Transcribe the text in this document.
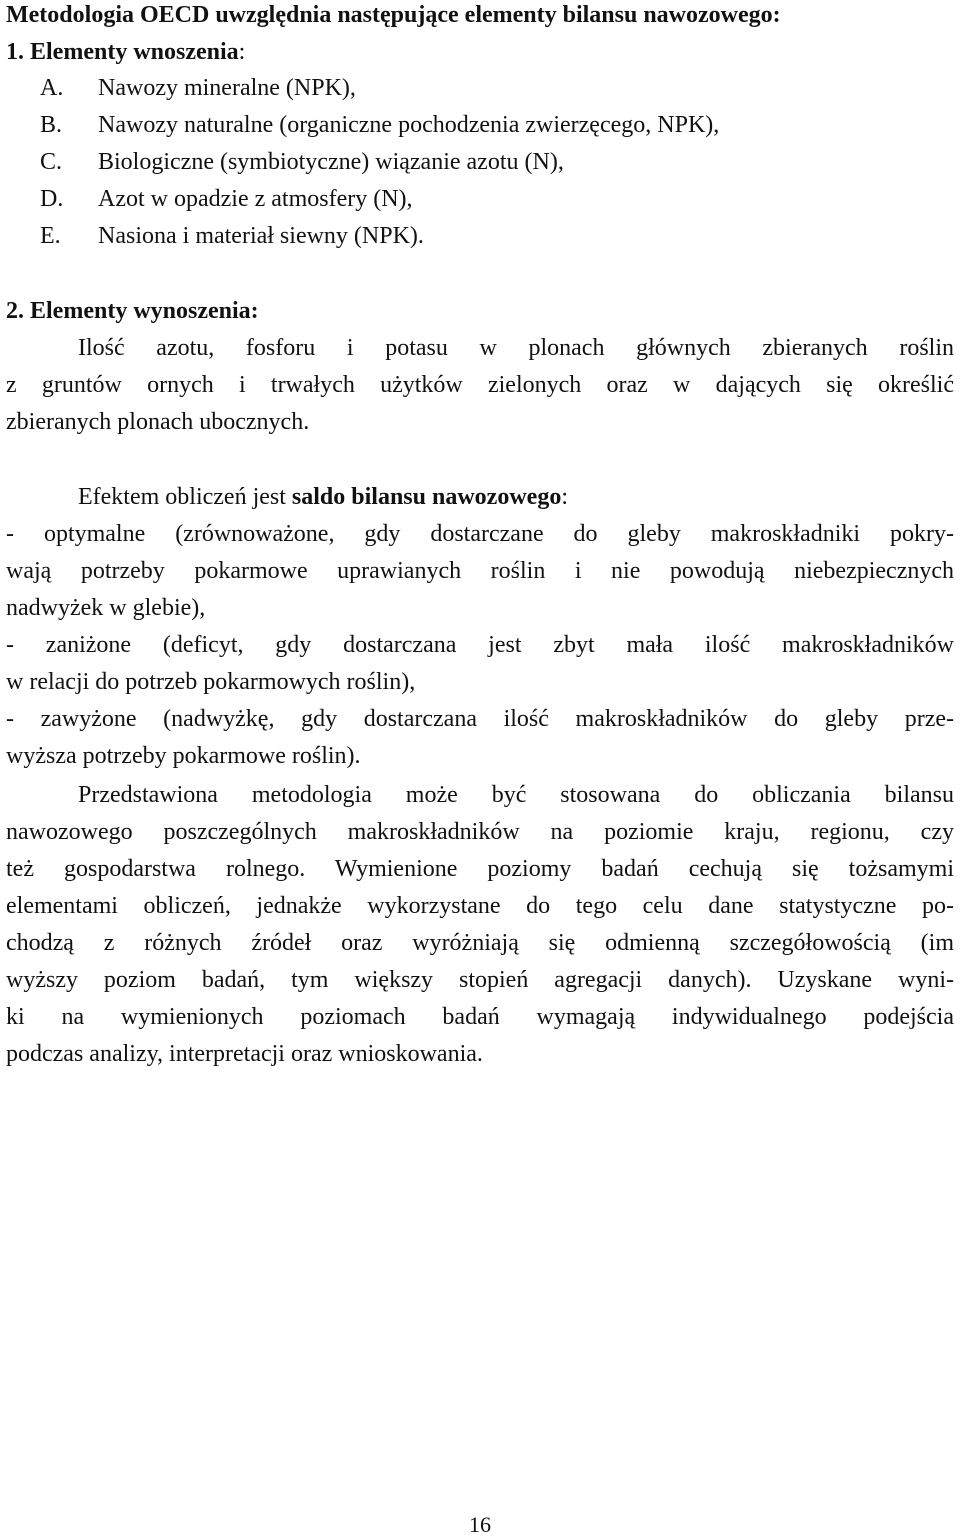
Metodologia OECD uwzględnia następujące elementy bilansu nawozowego:
1. Elementy wnoszenia:
A. Nawozy mineralne (NPK),
B. Nawozy naturalne (organiczne pochodzenia zwierzęcego, NPK),
C. Biologiczne (symbiotyczne) wiązanie azotu (N),
D. Azot w opadzie z atmosfery (N),
E. Nasiona i materiał siewny (NPK).
2. Elementy wynoszenia:
Ilość azotu, fosforu i potasu w plonach głównych zbieranych roślin
z gruntów ornych i trwałych użytków zielonych oraz w dających się określić
zbieranych plonach ubocznych.
Efektem obliczeń jest saldo bilansu nawozowego:
- optymalne (zrównoważone, gdy dostarczane do gleby makroskładniki pokry-
wają potrzeby pokarmowe uprawianych roślin i nie powodują niebezpiecznych
nadwyżek w glebie),
- zaniżone (deficyt, gdy dostarczana jest zbyt mała ilość makroskładników
w relacji do potrzeb pokarmowych roślin),
- zawyżone (nadwyżkę, gdy dostarczana ilość makroskładników do gleby prze-
wyższa potrzeby pokarmowe roślin).
Przedstawiona metodologia może być stosowana do obliczania bilansu
nawozowego poszczególnych makroskładników na poziomie kraju, regionu, czy
też gospodarstwa rolnego. Wymienione poziomy badań cechują się tożsamymi
elementami obliczeń, jednakże wykorzystane do tego celu dane statystyczne po-
chodzą z różnych źródeł oraz wyróżniają się odmienną szczegółowością (im
wyższy poziom badań, tym większy stopień agregacji danych). Uzyskane wyni-
ki na wymienionych poziomach badań wymagają indywidualnego podejścia
podczas analizy, interpretacji oraz wnioskowania.
16
